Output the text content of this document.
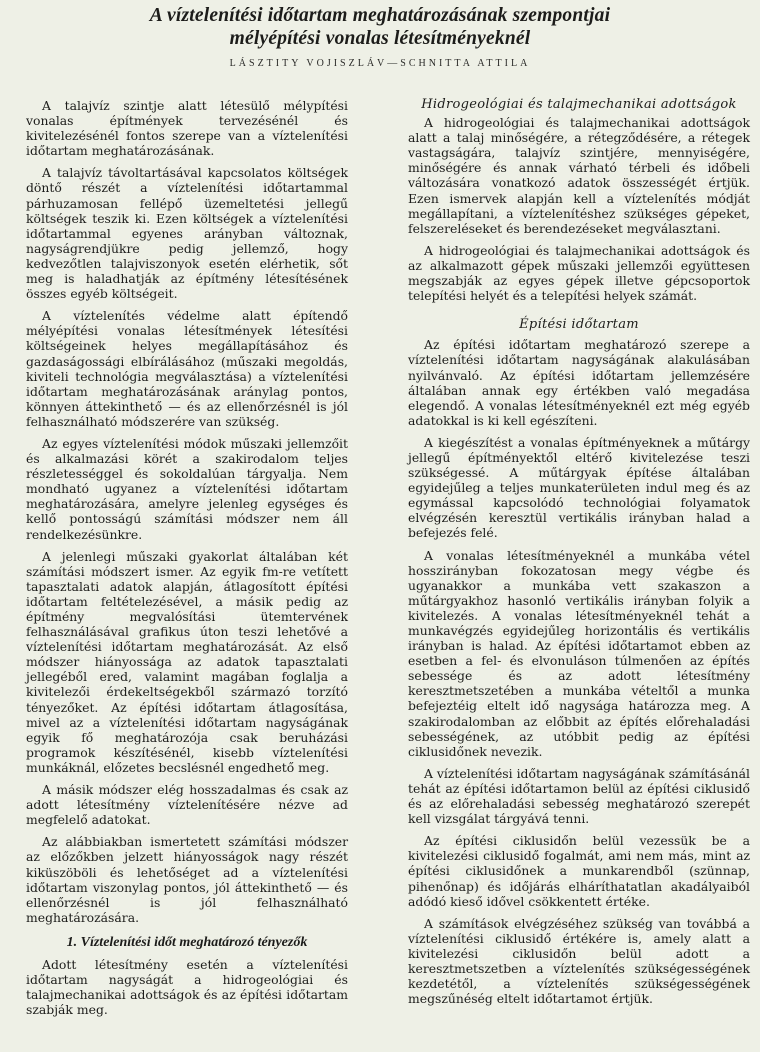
A víztelenítési időtartam meghatározásának szempontjai
mélyépítési vonalas létesítményeknél
LÁSZTITY VOJISZLÁV—SCHNITTA ATTILA

A talajvíz szintje alatt létesülő mélypítési vonalas építmények tervezésénél és kivitelezésénél fontos szerepe van a víztelenítési időtartam meghatározásának.

A talajvíz távoltartásával kapcsolatos költségek döntő részét a víztelenítési időtartammal párhuzamosan fellépő üzemeltetési jellegű költségek teszik ki. Ezen költségek a víztelenítési időtartammal egyenes arányban változnak, nagyságrendjükre pedig jellemző, hogy kedvezőtlen talajviszonyok esetén elérhetik, sőt meg is haladhatják az építmény létesítésének összes egyéb költségeit.

A víztelenítés védelme alatt építendő mélyépítési vonalas létesítmények létesítési költségeinek helyes megállapításához és gazdaságossági elbírálásához (műszaki megoldás, kiviteli technológia megválasztása) a víztelenítési időtartam meghatározásának aránylag pontos, könnyen áttekinthető — és az ellenőrzésnél is jól felhasználható módszerére van szükség.

Az egyes víztelenítési módok műszaki jellemzőit és alkalmazási körét a szakirodalom teljes részletességgel és sokoldalúan tárgyalja. Nem mondható ugyanez a víztelenítési időtartam meghatározására, amelyre jelenleg egységes és kellő pontosságú számítási módszer nem áll rendelkezésünkre.

A jelenlegi műszaki gyakorlat általában két számítási módszert ismer. Az egyik fm-re vetített tapasztalati adatok alapján, átlagosított építési időtartam feltételezésével, a másik pedig az építmény megvalósítási ütemtervének felhasználásával grafikus úton teszi lehetővé a víztelenítési időtartam meghatározását. Az első módszer hiányossága az adatok tapasztalati jellegéből ered, valamint magában foglalja a kivitelezői érdekeltségekből származó torzító tényezőket. Az építési időtartam átlagosítása, mivel az a víztelenítési időtartam nagyságának egyik fő meghatározója csak beruházási programok készítésénél, kisebb víztelenítési munkáknál, előzetes becslésnél engedhető meg.

A másik módszer elég hosszadalmas és csak az adott létesítmény víztelenítésére nézve ad megfelelő adatokat.

Az alábbiakban ismertetett számítási módszer az előzőkben jelzett hiányosságok nagy részét kiküszöböli és lehetőséget ad a víztelenítési időtartam viszonylag pontos, jól áttekinthető — és ellenőrzésnél is jól felhasználható meghatározására.

1. Víztelenítési időt meghatározó tényezők

Adott létesítmény esetén a víztelenítési időtartam nagyságát a hidrogeológiai és talajmechanikai adottságok és az építési időtartam szabják meg.

Hidrogeológiai és talajmechanikai adottságok

A hidrogeológiai és talajmechanikai adottságok alatt a talaj minőségére, a rétegződésére, a rétegek vastagságára, talajvíz szintjére, mennyiségére, minőségére és annak várható térbeli és időbeli változására vonatkozó adatok összességét értjük. Ezen ismervek alapján kell a víztelenítés módját megállapítani, a víztelenítéshez szükséges gépeket, felszereléseket és berendezéseket megválasztani.

A hidrogeológiai és talajmechanikai adottságok és az alkalmazott gépek műszaki jellemzői együttesen megszabják az egyes gépek illetve gépcsoportok telepítési helyét és a telepítési helyek számát.

Építési időtartam

Az építési időtartam meghatározó szerepe a víztelenítési időtartam nagyságának alakulásában nyilvánvaló. Az építési időtartam jellemzésére általában annak egy értékben való megadása elegendő. A vonalas létesítményeknél ezt még egyéb adatokkal is ki kell egészíteni.

A kiegészítést a vonalas építményeknek a műtárgy jellegű építményektől eltérő kivitelezése teszi szükségessé. A műtárgyak építése általában egyidejűleg a teljes munkaterületen indul meg és az egymással kapcsolódó technológiai folyamatok elvégzésén keresztül vertikális irányban halad a befejezés felé.

A vonalas létesítményeknél a munkába vétel hosszirányban fokozatosan megy végbe és ugyanakkor a munkába vett szakaszon a műtárgyakhoz hasonló vertikális irányban folyik a kivitelezés. A vonalas létesítményeknél tehát a munkavégzés egyidejűleg horizontális és vertikális irányban is halad. Az építési időtartamot ebben az esetben a fel- és elvonuláson túlmenően az építés sebessége és az adott létesítmény keresztmetszetében a munkába vételtől a munka befejeztéig eltelt idő nagysága határozza meg. A szakirodalomban az előbbit az építés előrehaladási sebességének, az utóbbit pedig az építési ciklusidőnek nevezik.

A víztelenítési időtartam nagyságának számításánál tehát az építési időtartamon belül az építési ciklusidő és az előrehaladási sebesség meghatározó szerepét kell vizsgálat tárgyává tenni.

Az építési ciklusidőn belül vezessük be a kivitelezési ciklusidő fogalmát, ami nem más, mint az építési ciklusidőnek a munkarendből (szünnap, pihenőnap) és időjárás elháríthatatlan akadályaiból adódó kieső idővel csökkentett értéke.

A számítások elvégzéséhez szükség van továbbá a víztelenítési ciklusidő értékére is, amely alatt a kivitelezési ciklusidőn belül adott a keresztmetszetben a víztelenítés szükségességének kezdetétől, a víztelenítés szükségességének megszűnéség eltelt időtartamot értjük.
